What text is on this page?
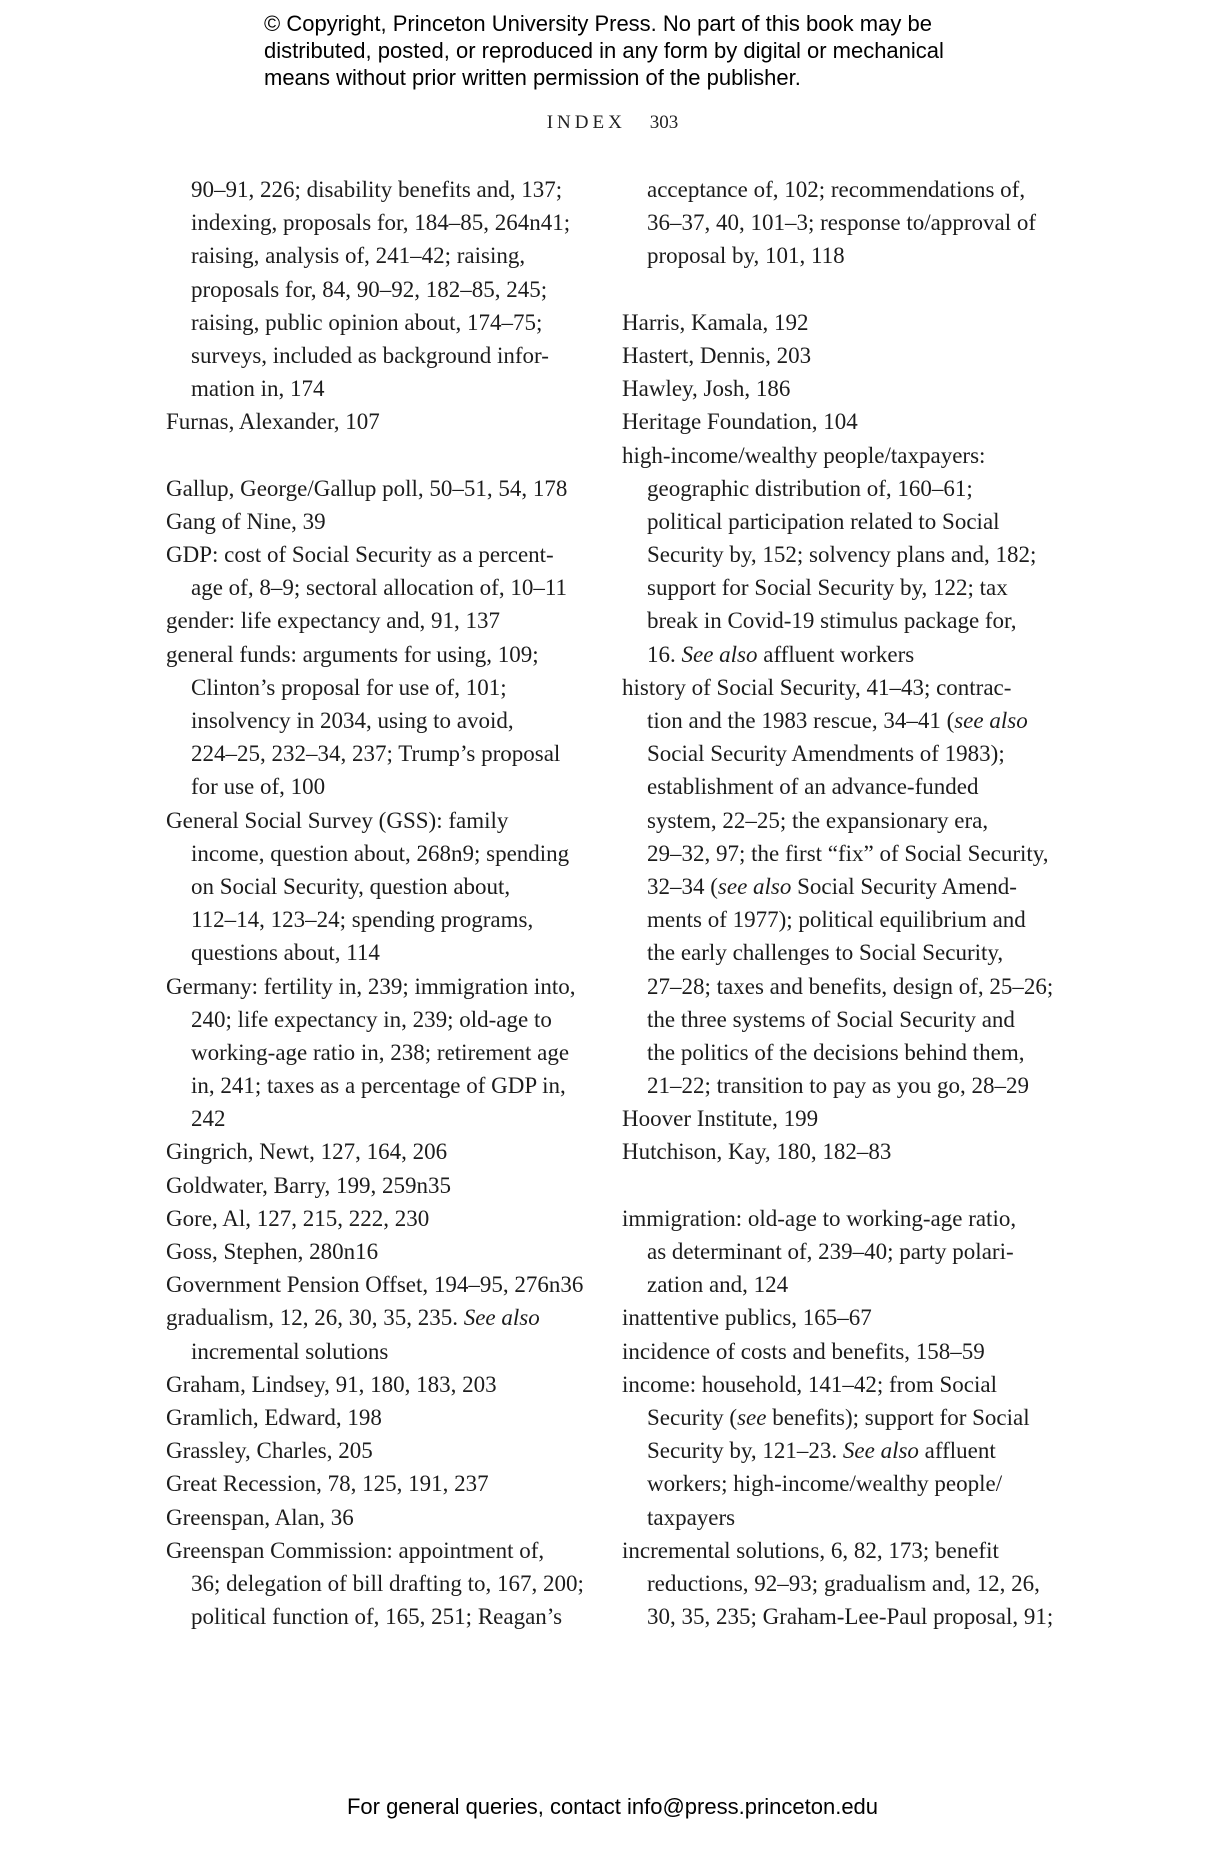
© Copyright, Princeton University Press. No part of this book may be
distributed, posted, or reproduced in any form by digital or mechanical
means without prior written permission of the publisher.
INDEX 303
90–91, 226; disability benefits and, 137;
indexing, proposals for, 184–85, 264n41;
raising, analysis of, 241–42; raising,
proposals for, 84, 90–92, 182–85, 245;
raising, public opinion about, 174–75;
surveys, included as background infor-
mation in, 174
Furnas, Alexander, 107
Gallup, George/Gallup poll, 50–51, 54, 178
Gang of Nine, 39
GDP: cost of Social Security as a percent-
age of, 8–9; sectoral allocation of, 10–11
gender: life expectancy and, 91, 137
general funds: arguments for using, 109;
Clinton’s proposal for use of, 101;
insolvency in 2034, using to avoid,
224–25, 232–34, 237; Trump’s proposal
for use of, 100
General Social Survey (GSS): family
income, question about, 268n9; spending
on Social Security, question about,
112–14, 123–24; spending programs,
questions about, 114
Germany: fertility in, 239; immigration into,
240; life expectancy in, 239; old-age to
working-age ratio in, 238; retirement age
in, 241; taxes as a percentage of GDP in,
242
Gingrich, Newt, 127, 164, 206
Goldwater, Barry, 199, 259n35
Gore, Al, 127, 215, 222, 230
Goss, Stephen, 280n16
Government Pension Offset, 194–95, 276n36
gradualism, 12, 26, 30, 35, 235. See also
incremental solutions
Graham, Lindsey, 91, 180, 183, 203
Gramlich, Edward, 198
Grassley, Charles, 205
Great Recession, 78, 125, 191, 237
Greenspan, Alan, 36
Greenspan Commission: appointment of,
36; delegation of bill drafting to, 167, 200;
political function of, 165, 251; Reagan’s
acceptance of, 102; recommendations of,
36–37, 40, 101–3; response to/approval of
proposal by, 101, 118
Harris, Kamala, 192
Hastert, Dennis, 203
Hawley, Josh, 186
Heritage Foundation, 104
high-income/wealthy people/taxpayers:
geographic distribution of, 160–61;
political participation related to Social
Security by, 152; solvency plans and, 182;
support for Social Security by, 122; tax
break in Covid-19 stimulus package for,
16. See also affluent workers
history of Social Security, 41–43; contrac-
tion and the 1983 rescue, 34–41 (see also
Social Security Amendments of 1983);
establishment of an advance-funded
system, 22–25; the expansionary era,
29–32, 97; the first “fix” of Social Security,
32–34 (see also Social Security Amend-
ments of 1977); political equilibrium and
the early challenges to Social Security,
27–28; taxes and benefits, design of, 25–26;
the three systems of Social Security and
the politics of the decisions behind them,
21–22; transition to pay as you go, 28–29
Hoover Institute, 199
Hutchison, Kay, 180, 182–83
immigration: old-age to working-age ratio,
as determinant of, 239–40; party polari-
zation and, 124
inattentive publics, 165–67
incidence of costs and benefits, 158–59
income: household, 141–42; from Social
Security (see benefits); support for Social
Security by, 121–23. See also affluent
workers; high-income/wealthy people/
taxpayers
incremental solutions, 6, 82, 173; benefit
reductions, 92–93; gradualism and, 12, 26,
30, 35, 235; Graham-Lee-Paul proposal, 91;
For general queries, contact info@press.princeton.edu
